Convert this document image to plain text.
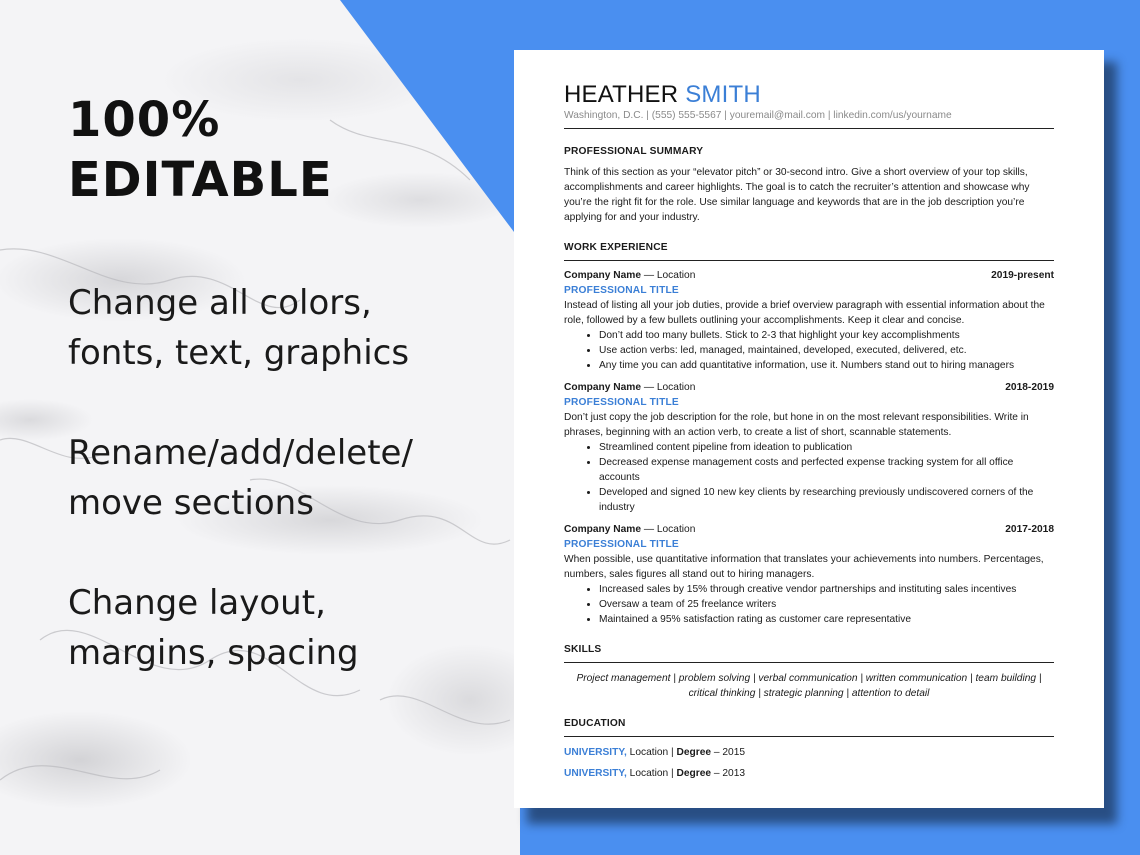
100%
EDITABLE
Change all colors,
fonts, text, graphics
Rename/add/delete/
move sections
Change layout,
margins, spacing
HEATHER SMITH
Washington, D.C. | (555) 555-5567 | youremail@mail.com | linkedin.com/us/yourname
PROFESSIONAL SUMMARY
Think of this section as your “elevator pitch” or 30-second intro. Give a short overview of your top skills, accomplishments and career highlights. The goal is to catch the recruiter’s attention and showcase why you’re the right fit for the role. Use similar language and keywords that are in the job description you’re applying for and your industry.
WORK EXPERIENCE
Company Name — Location	2019-present
PROFESSIONAL TITLE
Instead of listing all your job duties, provide a brief overview paragraph with essential information about the role, followed by a few bullets outlining your accomplishments. Keep it clear and concise.
• Don’t add too many bullets. Stick to 2-3 that highlight your key accomplishments
• Use action verbs: led, managed, maintained, developed, executed, delivered, etc.
• Any time you can add quantitative information, use it. Numbers stand out to hiring managers
Company Name — Location	2018-2019
PROFESSIONAL TITLE
Don’t just copy the job description for the role, but hone in on the most relevant responsibilities. Write in phrases, beginning with an action verb, to create a list of short, scannable statements.
• Streamlined content pipeline from ideation to publication
• Decreased expense management costs and perfected expense tracking system for all office accounts
• Developed and signed 10 new key clients by researching previously undiscovered corners of the industry
Company Name — Location	2017-2018
PROFESSIONAL TITLE
When possible, use quantitative information that translates your achievements into numbers. Percentages, numbers, sales figures all stand out to hiring managers.
• Increased sales by 15% through creative vendor partnerships and instituting sales incentives
• Oversaw a team of 25 freelance writers
• Maintained a 95% satisfaction rating as customer care representative
SKILLS
Project management | problem solving | verbal communication | written communication | team building | critical thinking | strategic planning | attention to detail
EDUCATION
UNIVERSITY, Location | Degree – 2015
UNIVERSITY, Location | Degree – 2013
